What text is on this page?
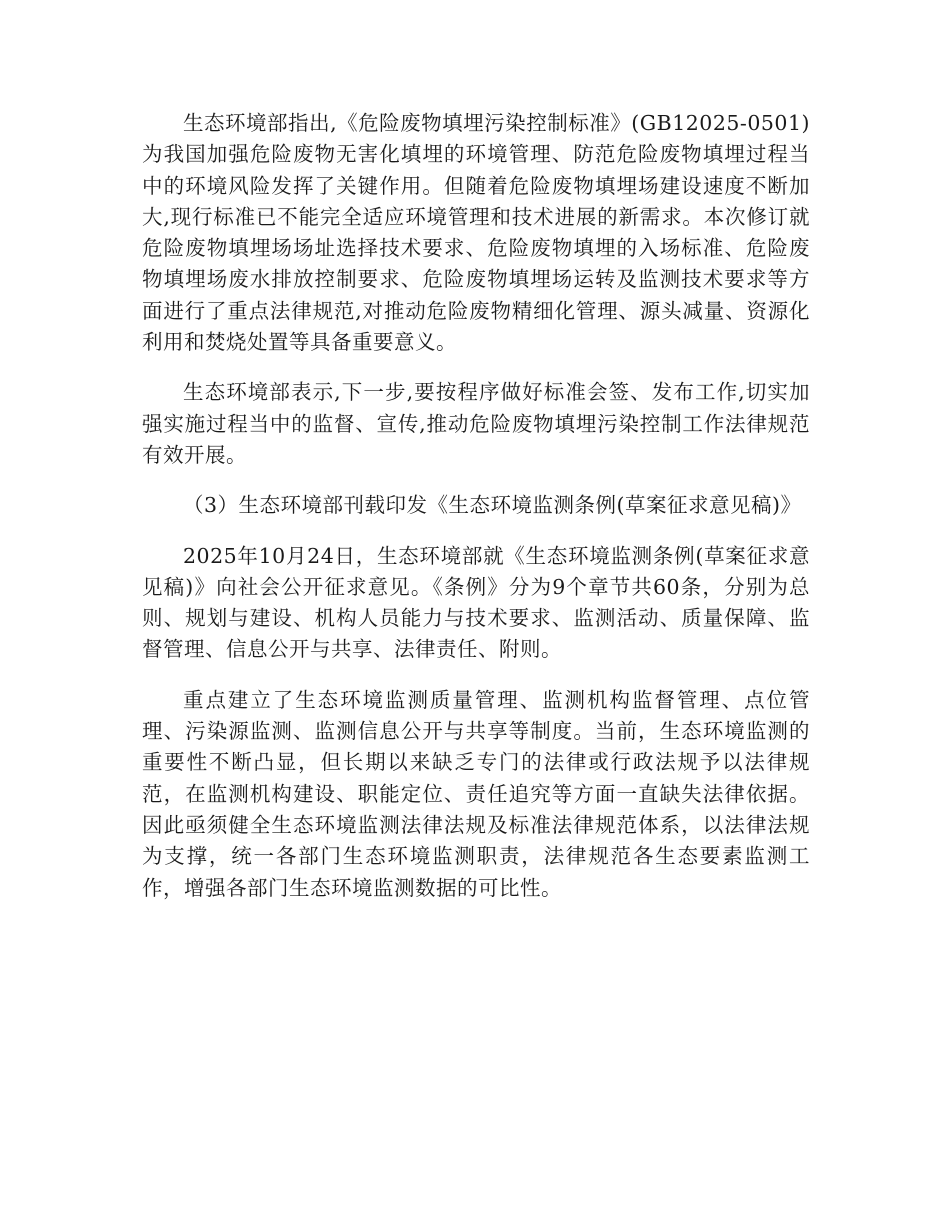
生态环境部指出,《危险废物填埋污染控制标准》(GB12025-0501)为我国加强危险废物无害化填埋的环境管理、防范危险废物填埋过程当中的环境风险发挥了关键作用。但随着危险废物填埋场建设速度不断加大,现行标准已不能完全适应环境管理和技术进展的新需求。本次修订就危险废物填埋场场址选择技术要求、危险废物填埋的入场标准、危险废物填埋场废水排放控制要求、危险废物填埋场运转及监测技术要求等方面进行了重点法律规范,对推动危险废物精细化管理、源头减量、资源化利用和焚烧处置等具备重要意义。

生态环境部表示,下一步,要按程序做好标准会签、发布工作,切实加强实施过程当中的监督、宣传,推动危险废物填埋污染控制工作法律规范有效开展。

（3）生态环境部刊载印发《生态环境监测条例(草案征求意见稿)》

2025年10月24日，生态环境部就《生态环境监测条例(草案征求意见稿)》向社会公开征求意见。《条例》分为9个章节共60条，分别为总则、规划与建设、机构人员能力与技术要求、监测活动、质量保障、监督管理、信息公开与共享、法律责任、附则。

重点建立了生态环境监测质量管理、监测机构监督管理、点位管理、污染源监测、监测信息公开与共享等制度。当前，生态环境监测的重要性不断凸显，但长期以来缺乏专门的法律或行政法规予以法律规范，在监测机构建设、职能定位、责任追究等方面一直缺失法律依据。因此亟须健全生态环境监测法律法规及标准法律规范体系，以法律法规为支撑，统一各部门生态环境监测职责，法律规范各生态要素监测工作，增强各部门生态环境监测数据的可比性。
